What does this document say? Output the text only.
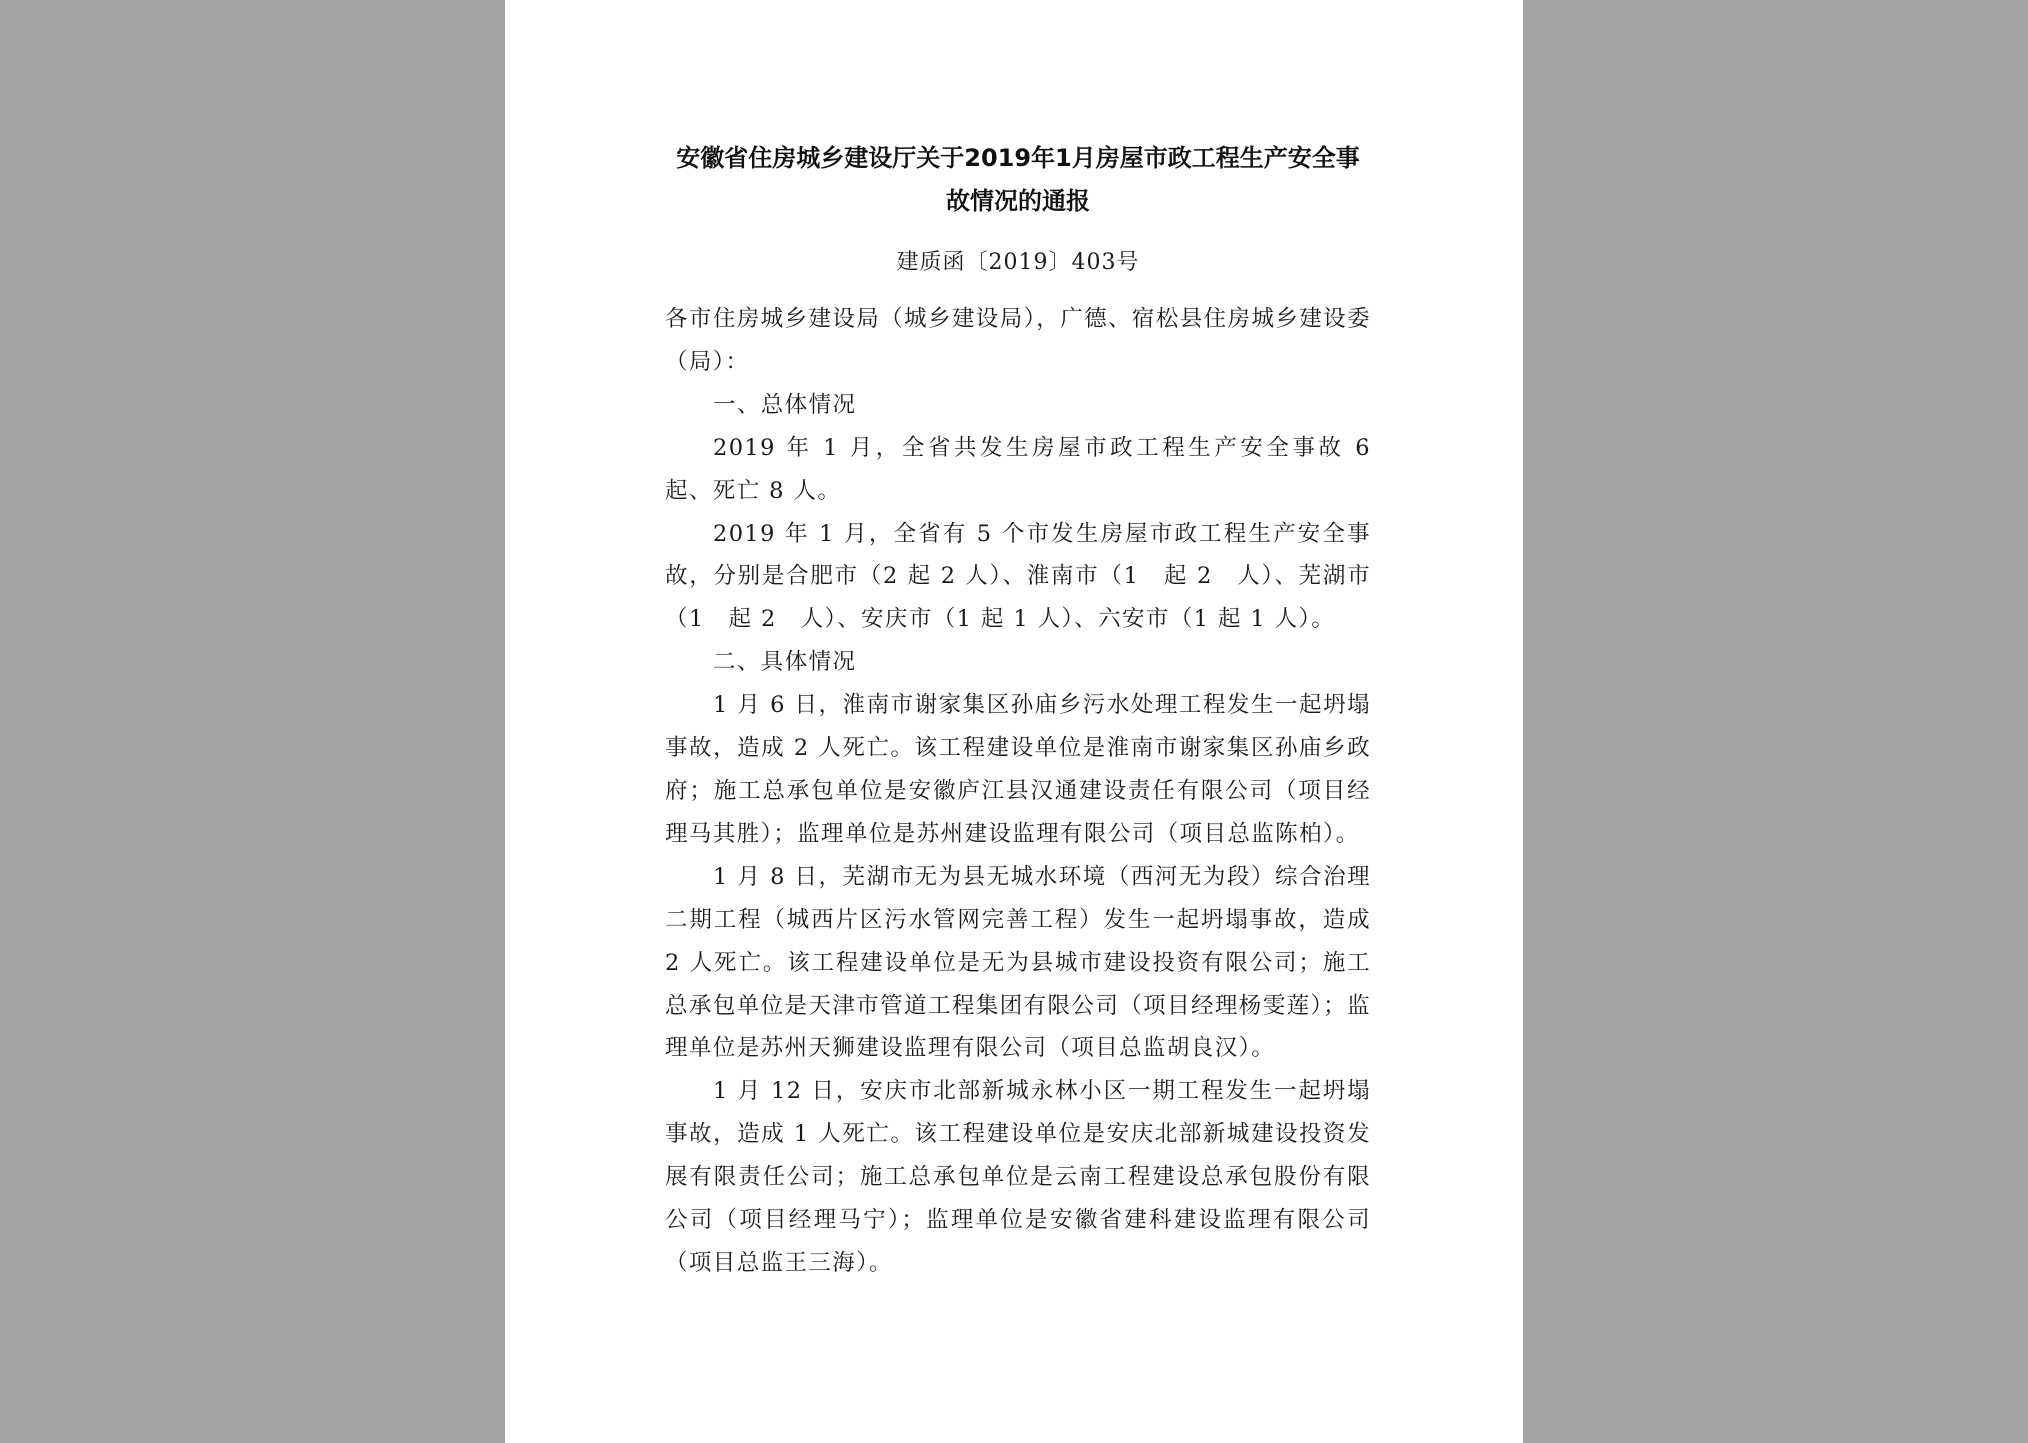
安徽省住房城乡建设厅关于2019年1月房屋市政工程生产安全事
故情况的通报
建质函〔2019〕403号

各市住房城乡建设局（城乡建设局），广德、宿松县住房城乡建设委（局）：

一、总体情况

2019 年 1 月，全省共发生房屋市政工程生产安全事故 6 起、死亡 8 人。

2019 年 1 月，全省有 5 个市发生房屋市政工程生产安全事故，分别是合肥市（2 起 2 人）、淮南市（1　起 2　人）、芜湖市（1　起 2　人）、安庆市（1 起 1 人）、六安市（1 起 1 人）。

二、具体情况

1 月 6 日，淮南市谢家集区孙庙乡污水处理工程发生一起坍塌事故，造成 2 人死亡。该工程建设单位是淮南市谢家集区孙庙乡政府；施工总承包单位是安徽庐江县汉通建设责任有限公司（项目经理马其胜）；监理单位是苏州建设监理有限公司（项目总监陈柏）。

1 月 8 日，芜湖市无为县无城水环境（西河无为段）综合治理二期工程（城西片区污水管网完善工程）发生一起坍塌事故，造成 2 人死亡。该工程建设单位是无为县城市建设投资有限公司；施工总承包单位是天津市管道工程集团有限公司（项目经理杨雯莲）；监理单位是苏州天狮建设监理有限公司（项目总监胡良汉）。

1 月 12 日，安庆市北部新城永林小区一期工程发生一起坍塌事故，造成 1 人死亡。该工程建设单位是安庆北部新城建设投资发展有限责任公司；施工总承包单位是云南工程建设总承包股份有限公司（项目经理马宁）；监理单位是安徽省建科建设监理有限公司（项目总监王三海）。
